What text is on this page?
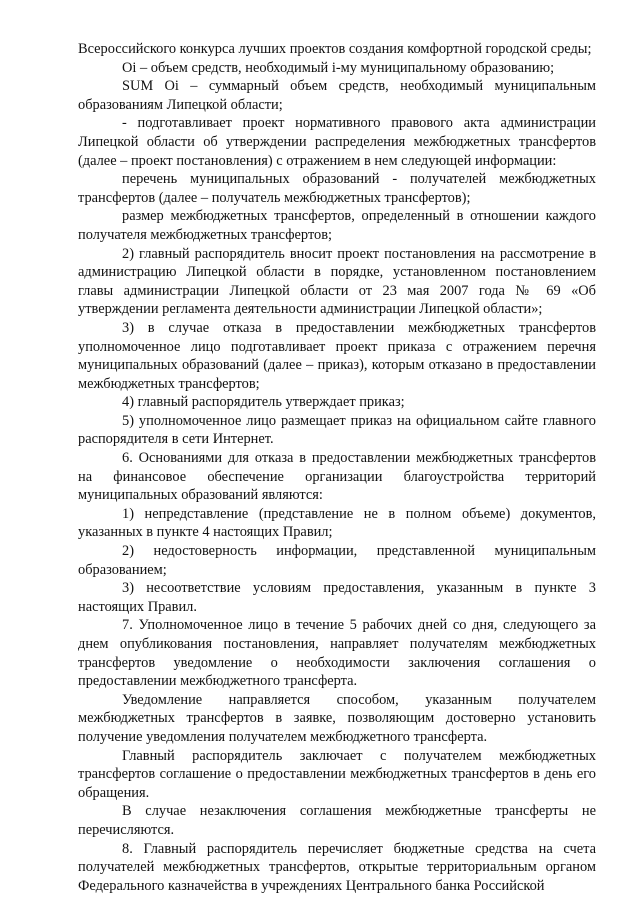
Всероссийского конкурса лучших проектов создания комфортной городской среды;

Oi – объем средств, необходимый i-му муниципальному образованию;

SUM Oi – суммарный объем средств, необходимый муниципальным образованиям Липецкой области;

- подготавливает проект нормативного правового акта администрации Липецкой области об утверждении распределения межбюджетных трансфертов (далее – проект постановления) с отражением в нем следующей информации:

перечень муниципальных образований - получателей межбюджетных трансфертов (далее – получатель межбюджетных трансфертов);

размер межбюджетных трансфертов, определенный в отношении каждого получателя межбюджетных трансфертов;

2) главный распорядитель вносит проект постановления на рассмотрение в администрацию Липецкой области в порядке, установленном постановлением главы администрации Липецкой области от 23 мая 2007 года № 69 «Об утверждении регламента деятельности администрации Липецкой области»;

3) в случае отказа в предоставлении межбюджетных трансфертов уполномоченное лицо подготавливает проект приказа с отражением перечня муниципальных образований (далее – приказ), которым отказано в предоставлении межбюджетных трансфертов;

4) главный распорядитель утверждает приказ;

5) уполномоченное лицо размещает приказ на официальном сайте главного распорядителя в сети Интернет.

6. Основаниями для отказа в предоставлении межбюджетных трансфертов на финансовое обеспечение организации благоустройства территорий муниципальных образований являются:

1) непредставление (представление не в полном объеме) документов, указанных в пункте 4 настоящих Правил;

2) недостоверность информации, представленной муниципальным образованием;

3) несоответствие условиям предоставления, указанным в пункте 3 настоящих Правил.

7. Уполномоченное лицо в течение 5 рабочих дней со дня, следующего за днем опубликования постановления, направляет получателям межбюджетных трансфертов уведомление о необходимости заключения соглашения о предоставлении межбюджетного трансферта.

Уведомление направляется способом, указанным получателем межбюджетных трансфертов в заявке, позволяющим достоверно установить получение уведомления получателем межбюджетного трансферта.

Главный распорядитель заключает с получателем межбюджетных трансфертов соглашение о предоставлении межбюджетных трансфертов в день его обращения.

В случае незаключения соглашения межбюджетные трансферты не перечисляются.

8. Главный распорядитель перечисляет бюджетные средства на счета получателей межбюджетных трансфертов, открытые территориальным органом Федерального казначейства в учреждениях Центрального банка Российской
